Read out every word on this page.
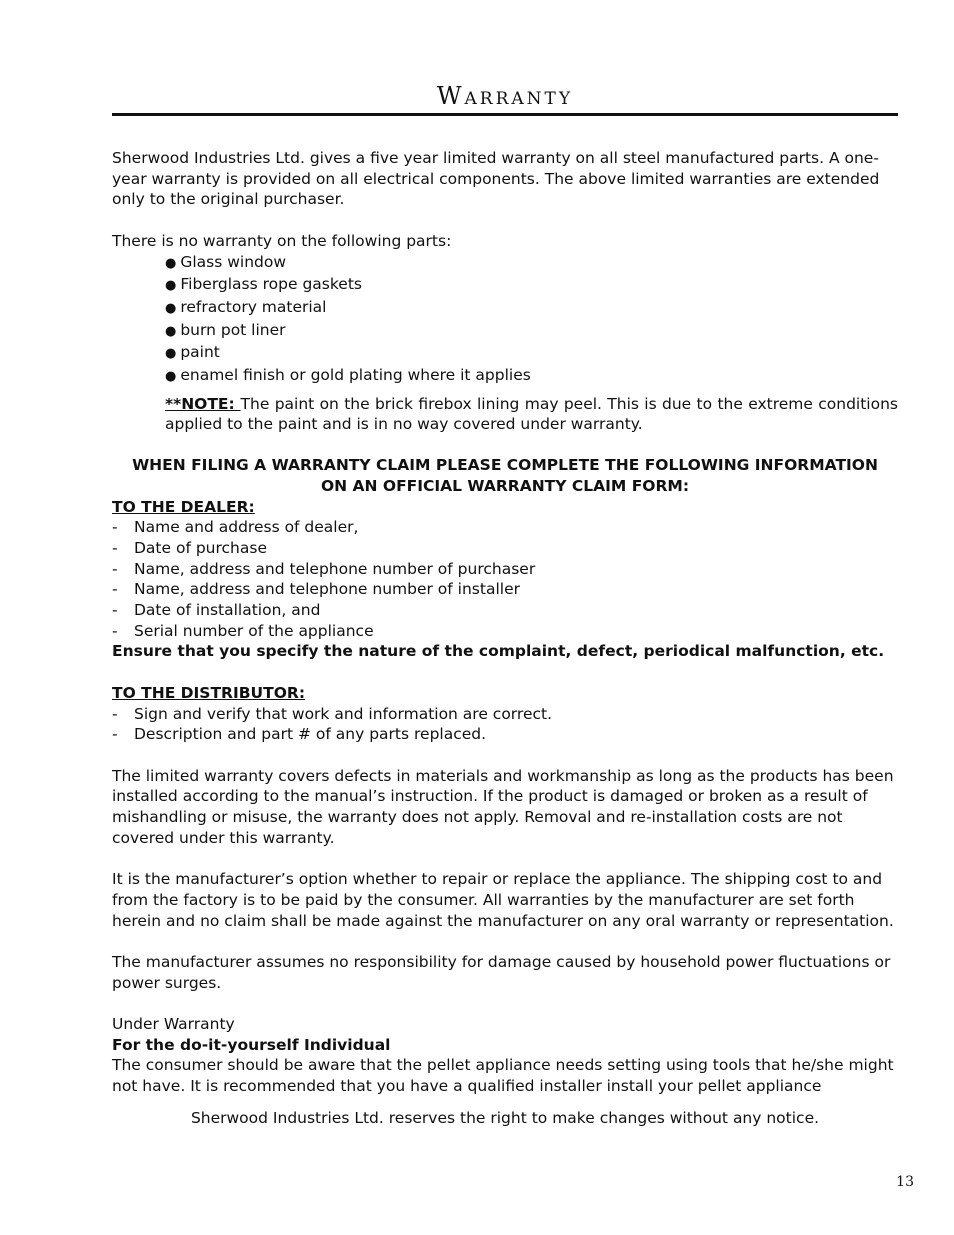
Warranty

Sherwood Industries Ltd. gives a five year limited warranty on all steel manufactured parts. A one-year warranty is provided on all electrical components. The above limited warranties are extended only to the original purchaser.

There is no warranty on the following parts:

● Glass window
● Fiberglass rope gaskets
● refractory material
● burn pot liner
● paint
● enamel finish or gold plating where it applies

**NOTE: The paint on the brick firebox lining may peel. This is due to the extreme conditions applied to the paint and is in no way covered under warranty.

WHEN FILING A WARRANTY CLAIM PLEASE COMPLETE THE FOLLOWING INFORMATION
ON AN OFFICIAL WARRANTY CLAIM FORM:

TO THE DEALER:

- Name and address of dealer,
- Date of purchase
- Name, address and telephone number of purchaser
- Name, address and telephone number of installer
- Date of installation, and
- Serial number of the appliance

Ensure that you specify the nature of the complaint, defect, periodical malfunction, etc.

TO THE DISTRIBUTOR:

- Sign and verify that work and information are correct.
- Description and part # of any parts replaced.

The limited warranty covers defects in materials and workmanship as long as the products has been installed according to the manual’s instruction. If the product is damaged or broken as a result of mishandling or misuse, the warranty does not apply. Removal and re-installation costs are not covered under this warranty.

It is the manufacturer’s option whether to repair or replace the appliance. The shipping cost to and from the factory is to be paid by the consumer. All warranties by the manufacturer are set forth herein and no claim shall be made against the manufacturer on any oral warranty or representation.

The manufacturer assumes no responsibility for damage caused by household power fluctuations or power surges.

Under Warranty

For the do-it-yourself Individual

The consumer should be aware that the pellet appliance needs setting using tools that he/she might not have. It is recommended that you have a qualified installer install your pellet appliance

Sherwood Industries Ltd. reserves the right to make changes without any notice.

13
